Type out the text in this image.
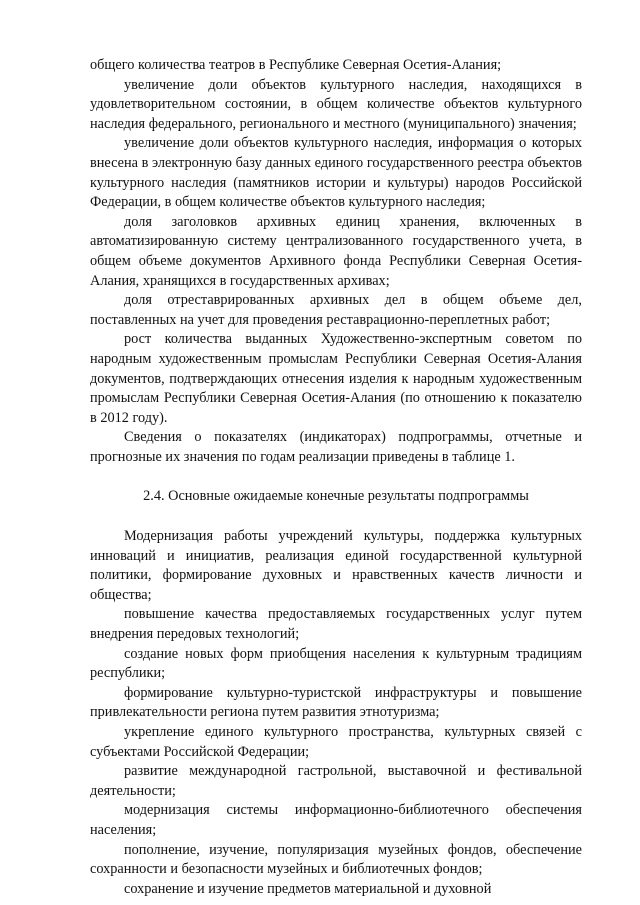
общего количества театров в Республике Северная Осетия-Алания;

увеличение доли объектов культурного наследия, находящихся в удовлетворительном состоянии, в общем количестве объектов культурного наследия федерального, регионального и местного (муниципального) значения;

увеличение доли объектов культурного наследия, информация о которых внесена в электронную базу данных единого государственного реестра объектов культурного наследия (памятников истории и культуры) народов Российской Федерации, в общем количестве объектов культурного наследия;

доля заголовков архивных единиц хранения, включенных в автоматизированную систему централизованного государственного учета, в общем объеме документов Архивного фонда Республики Северная Осетия-Алания, хранящихся в государственных архивах;

доля отреставрированных архивных дел в общем объеме дел, поставленных на учет для проведения реставрационно-переплетных работ;

рост количества выданных Художественно-экспертным советом по народным художественным промыслам Республики Северная Осетия-Алания документов, подтверждающих отнесения изделия к народным художественным промыслам Республики Северная Осетия-Алания (по отношению к показателю в 2012 году).

Сведения о показателях (индикаторах) подпрограммы, отчетные и прогнозные их значения по годам реализации приведены в таблице 1.

2.4. Основные ожидаемые конечные результаты подпрограммы

Модернизация работы учреждений культуры, поддержка культурных инноваций и инициатив, реализация единой государственной культурной политики, формирование духовных и нравственных качеств личности и общества;

повышение качества предоставляемых государственных услуг путем внедрения передовых технологий;

создание новых форм приобщения населения к культурным традициям республики;

формирование культурно-туристской инфраструктуры и повышение привлекательности региона путем развития этнотуризма;

укрепление единого культурного пространства, культурных связей с субъектами Российской Федерации;

развитие международной гастрольной, выставочной и фестивальной деятельности;

модернизация системы информационно-библиотечного обеспечения населения;

пополнение, изучение, популяризация музейных фондов, обеспечение сохранности и безопасности музейных и библиотечных фондов;

сохранение и изучение предметов материальной и духовной
